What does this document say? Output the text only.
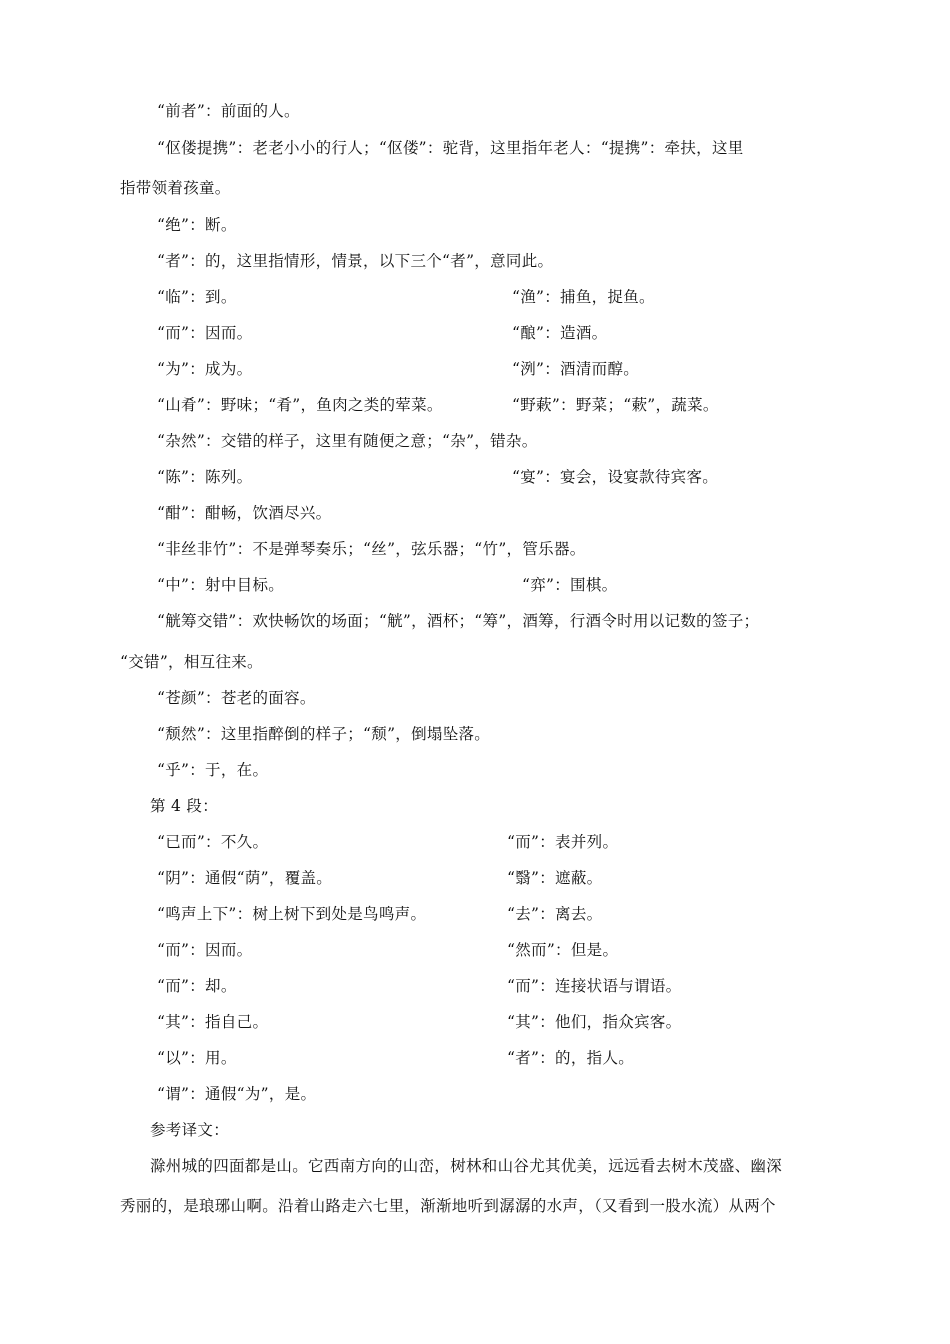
“前者”：前面的人。
“伛偻提携”：老老小小的行人；“伛偻”：驼背，这里指年老人：“提携”：牵扶，这里
指带领着孩童。
“绝”：断。
“者”：的，这里指情形，情景，以下三个“者”，意同此。
“临”：到。	“渔”：捕鱼，捉鱼。
“而”：因而。	“酿”：造酒。
“为”：成为。	“洌”：酒清而醇。
“山肴”：野味；“肴”，鱼肉之类的荤菜。	“野蔌”：野菜；“蔌”，蔬菜。
“杂然”：交错的样子，这里有随便之意；“杂”，错杂。
“陈”：陈列。	“宴”：宴会，设宴款待宾客。
“酣”：酣畅，饮酒尽兴。
“非丝非竹”：不是弹琴奏乐；“丝”，弦乐器；“竹”，管乐器。
“中”：射中目标。	“弈”：围棋。
“觥筹交错”：欢快畅饮的场面；“觥”，酒杯；“筹”，酒筹，行酒令时用以记数的签子；
“交错”，相互往来。
“苍颜”：苍老的面容。
“颓然”：这里指醉倒的样子；“颓”，倒塌坠落。
“乎”：于，在。
第 4 段：
“已而”：不久。	“而”：表并列。
“阴”：通假“荫”，覆盖。	“翳”：遮蔽。
“鸣声上下”：树上树下到处是鸟鸣声。	“去”：离去。
“而”：因而。	“然而”：但是。
“而”：却。	“而”：连接状语与谓语。
“其”：指自己。	“其”：他们，指众宾客。
“以”：用。	“者”：的，指人。
“谓”：通假“为”，是。
参考译文：
滁州城的四面都是山。它西南方向的山峦，树林和山谷尤其优美，远远看去树木茂盛、幽深
秀丽的，是琅琊山啊。沿着山路走六七里，渐渐地听到潺潺的水声，（又看到一股水流）从两个
